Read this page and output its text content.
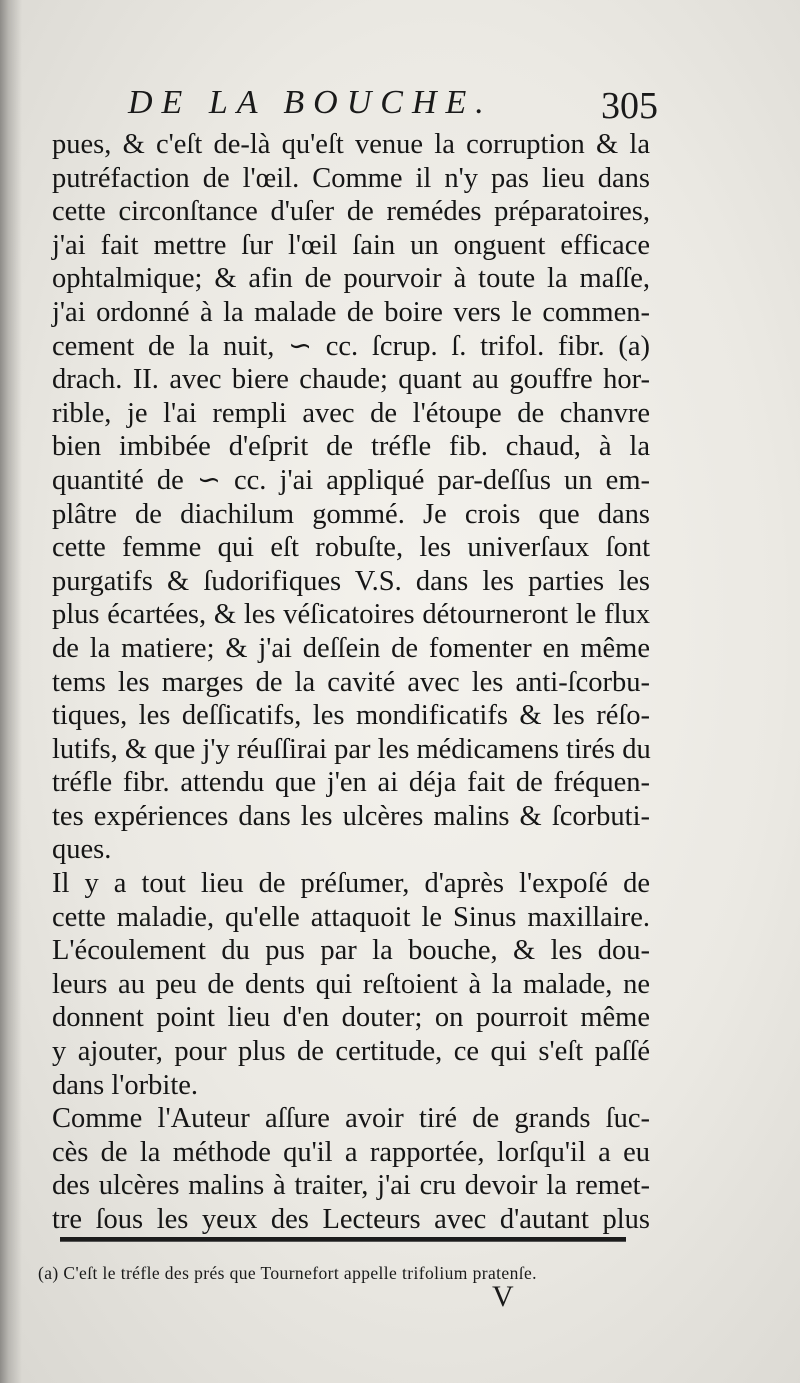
DE LA BOUCHE.	305
pues, & c'eſt de-là qu'eſt venue la corruption & la
putréfaction de l'œil. Comme il n'y pas lieu dans
cette circonſtance d'uſer de remédes préparatoires,
j'ai fait mettre ſur l'œil ſain un onguent efficace
ophtalmique; & afin de pourvoir à toute la maſſe,
j'ai ordonné à la malade de boire vers le commen-
cement de la nuit, ∽ cc. ſcrup. ſ. trifol. fibr. (a)
drach. II. avec biere chaude; quant au gouffre hor-
rible, je l'ai rempli avec de l'étoupe de chanvre
bien imbibée d'eſprit de tréfle fib. chaud, à la
quantité de ∽ cc. j'ai appliqué par-deſſus un em-
plâtre de diachilum gommé. Je crois que dans
cette femme qui eſt robuſte, les univerſaux ſont
purgatifs & ſudorifiques V.S. dans les parties les
plus écartées, & les véſicatoires détourneront le flux
de la matiere; & j'ai deſſein de fomenter en même
tems les marges de la cavité avec les anti-ſcorbu-
tiques, les deſſicatifs, les mondificatifs & les réſo-
lutifs, & que j'y réuſſirai par les médicamens tirés du
tréfle fibr. attendu que j'en ai déja fait de fréquen-
tes expériences dans les ulcères malins & ſcorbuti-
ques.
Il y a tout lieu de préſumer, d'après l'expoſé de
cette maladie, qu'elle attaquoit le Sinus maxillaire.
L'écoulement du pus par la bouche, & les dou-
leurs au peu de dents qui reſtoient à la malade, ne
donnent point lieu d'en douter; on pourroit même
y ajouter, pour plus de certitude, ce qui s'eſt paſſé
dans l'orbite.
Comme l'Auteur aſſure avoir tiré de grands ſuc-
cès de la méthode qu'il a rapportée, lorſqu'il a eu
des ulcères malins à traiter, j'ai cru devoir la remet-
tre ſous les yeux des Lecteurs avec d'autant plus
(a) C'eſt le tréfle des prés que Tournefort appelle trifolium pratenſe.
V
